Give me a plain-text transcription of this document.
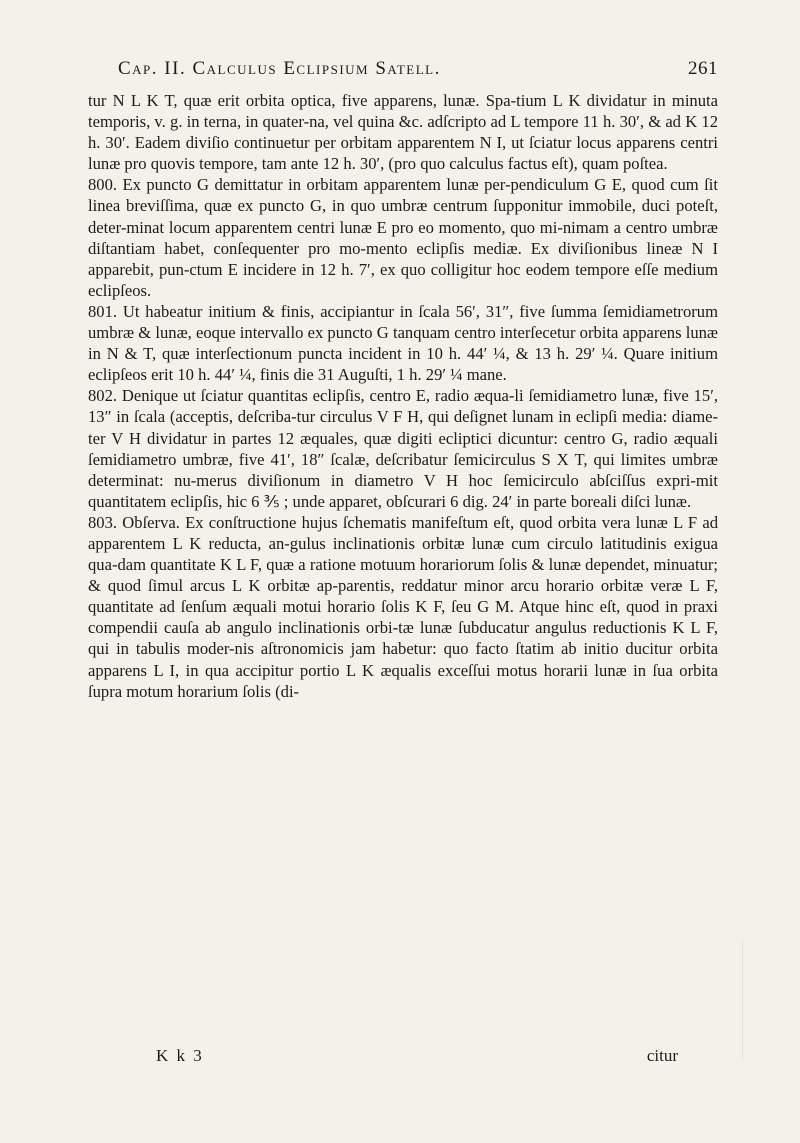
Cap. II. Calculus Eclipsium Satell.	261

tur N L K T, quæ erit orbita optica, five apparens, lunæ. Spa-tium L K dividatur in minuta temporis, v. g. in terna, in quater-na, vel quina &c. adſcripto ad L tempore 11 h. 30′, & ad K 12 h. 30′. Eadem diviſio continuetur per orbitam apparentem N I, ut ſciatur locus apparens centri lunæ pro quovis tempore, tam ante 12 h. 30′, (pro quo calculus factus eſt), quam poſtea.

800. Ex puncto G demittatur in orbitam apparentem lunæ per-pendiculum G E, quod cum ſit linea breviſſima, quæ ex puncto G, in quo umbræ centrum ſupponitur immobile, duci poteſt, deter-minat locum apparentem centri lunæ E pro eo momento, quo mi-nimam a centro umbræ diſtantiam habet, conſequenter pro mo-mento eclipſis mediæ. Ex diviſionibus lineæ N I apparebit, pun-ctum E incidere in 12 h. 7′, ex quo colligitur hoc eodem tempore eſſe medium eclipſeos.

801. Ut habeatur initium & finis, accipiantur in ſcala 56′, 31″, five ſumma ſemidiametrorum umbræ & lunæ, eoque intervallo ex puncto G tanquam centro interſecetur orbita apparens lunæ in N & T, quæ interſectionum puncta incident in 10 h. 44′ ¼, & 13 h. 29′ ¼. Quare initium eclipſeos erit 10 h. 44′ ¼, finis die 31 Auguſti, 1 h. 29′ ¼ mane.

802. Denique ut ſciatur quantitas eclipſis, centro E, radio æqua-li ſemidiametro lunæ, five 15′, 13″ in ſcala (acceptis, deſcriba-tur circulus V F H, qui deſignet lunam in eclipſi media: diame-ter V H dividatur in partes 12 æquales, quæ digiti ecliptici dicuntur: centro G, radio æquali ſemidiametro umbræ, five 41′, 18″ ſcalæ, deſcribatur ſemicirculus S X T, qui limites umbræ determinat: nu-merus diviſionum in diametro V H hoc ſemicirculo abſciſſus expri-mit quantitatem eclipſis, hic 6 ⅗ ; unde apparet, obſcurari 6 dig. 24′ in parte boreali diſci lunæ.

803. Obſerva. Ex conſtructione hujus ſchematis manifeſtum eſt, quod orbita vera lunæ L F ad apparentem L K reducta, an-gulus inclinationis orbitæ lunæ cum circulo latitudinis exigua qua-dam quantitate K L F, quæ a ratione motuum horariorum ſolis & lunæ dependet, minuatur; & quod ſimul arcus L K orbitæ ap-parentis, reddatur minor arcu horario orbitæ veræ L F, quantitate ad ſenſum æquali motui horario ſolis K F, ſeu G M. Atque hinc eſt, quod in praxi compendii cauſa ab angulo inclinationis orbi-tæ lunæ ſubducatur angulus reductionis K L F, qui in tabulis moder-nis aſtronomicis jam habetur: quo facto ſtatim ab initio ducitur orbita apparens L I, in qua accipitur portio L K æqualis exceſſui motus horarii lunæ in ſua orbita ſupra motum horarium ſolis (di-

K k 3	citur
